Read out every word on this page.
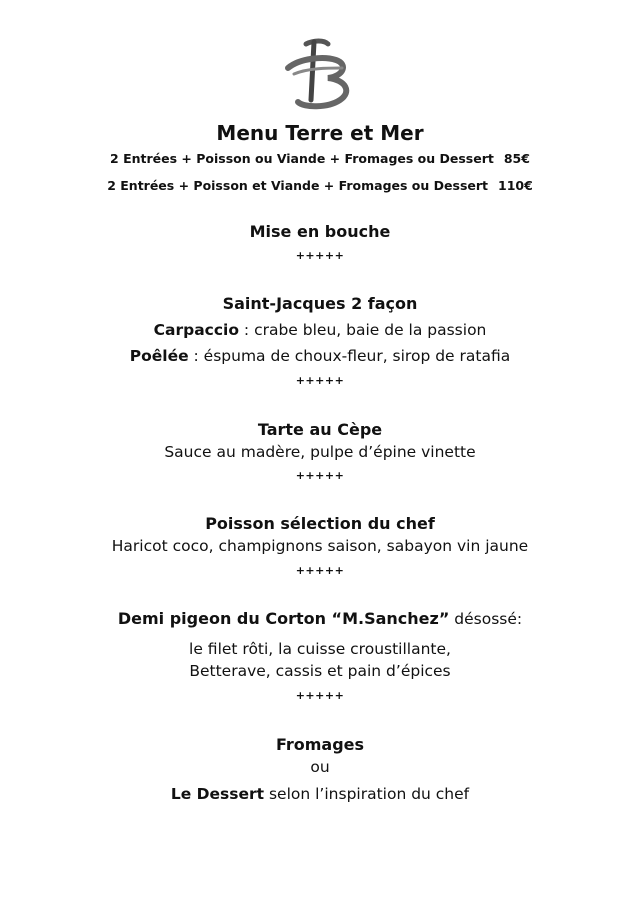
Menu Terre et Mer
2 Entrées + Poisson ou Viande + Fromages ou Dessert 85€
2 Entrées + Poisson et Viande + Fromages ou Dessert 110€
Mise en bouche
+++++
Saint-Jacques 2 façon
Carpaccio : crabe bleu, baie de la passion
Poêlée : éspuma de choux-fleur, sirop de ratafia
+++++
Tarte au Cèpe
Sauce au madère, pulpe d’épine vinette
+++++
Poisson sélection du chef
Haricot coco, champignons saison, sabayon vin jaune
+++++
Demi pigeon du Corton “M.Sanchez” désossé:
le filet rôti, la cuisse croustillante,
Betterave, cassis et pain d’épices
+++++
Fromages
ou
Le Dessert selon l’inspiration du chef
